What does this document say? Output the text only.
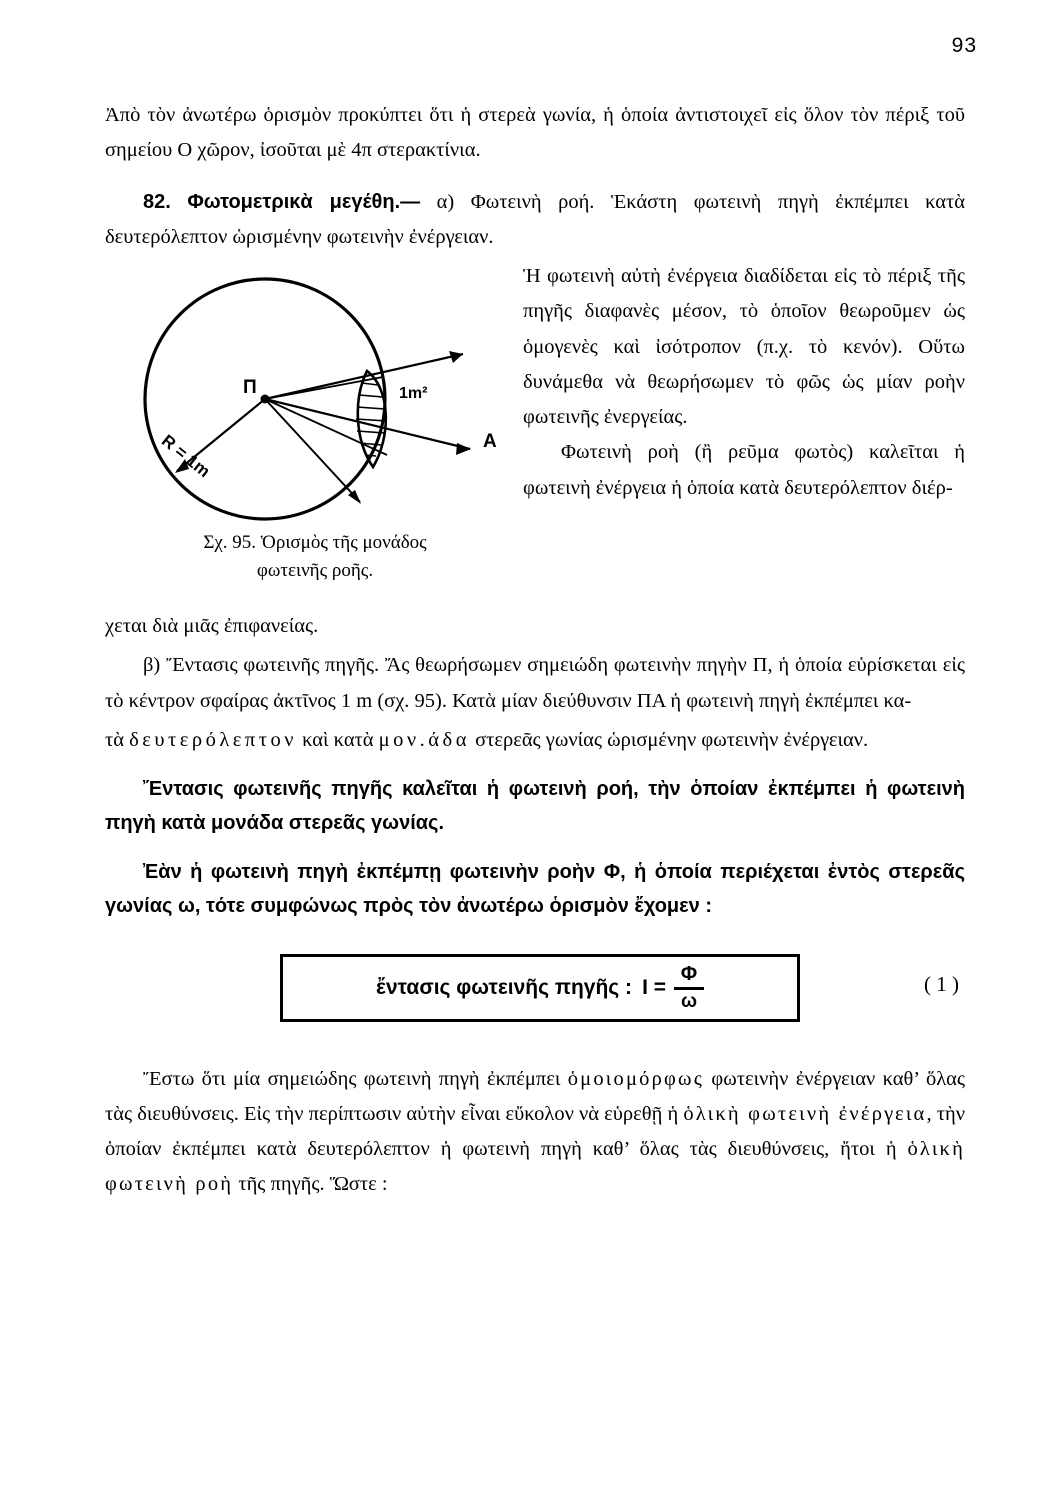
93

Ἀπὸ τὸν ἀνωτέρω ὁρισμὸν προκύπτει ὅτι ἡ στερεὰ γωνία, ἡ ὁποία ἀντιστοιχεῖ εἰς ὅλον τὸν πέριξ τοῦ σημείου Ο χῶρον, ἰσοῦται μὲ 4π στερακτίνια.

82. Φωτομετρικὰ μεγέθη.— α) Φωτεινὴ ροή. Ἑκάστη φωτεινὴ πηγὴ ἐκπέμπει κατὰ δευτερόλεπτον ὡρισμένην φωτεινὴν ἐνέργειαν.

Π	1m²
R = 1m	Α
Σχ. 95. Ὁρισμὸς τῆς μονάδος
φωτεινῆς ροῆς.

Ἡ φωτεινὴ αὐτὴ ἐνέργεια διαδίδεται εἰς τὸ πέριξ τῆς πηγῆς διαφανὲς μέσον, τὸ ὁποῖον θεωροῦμεν ὡς ὁμογενὲς καὶ ἰσότροπον (π.χ. τὸ κενόν). Οὕτω δυνάμεθα νὰ θεωρήσωμεν τὸ φῶς ὡς μίαν ροὴν φωτεινῆς ἐνεργείας.

Φωτεινὴ ροὴ (ἢ ρεῦμα φωτὸς) καλεῖται ἡ φωτεινὴ ἐνέργεια ἡ ὁποία κατὰ δευτερόλεπτον διέρ-

χεται διὰ μιᾶς ἐπιφανείας.

β) Ἔντασις φωτεινῆς πηγῆς. Ἄς θεωρήσωμεν σημειώδη φωτεινὴν πηγὴν Π, ἡ ὁποία εὑρίσκεται εἰς τὸ κέντρον σφαίρας ἀκτῖνος 1 m (σχ. 95). Κατὰ μίαν διεύθυνσιν ΠΑ ἡ φωτεινὴ πηγὴ ἐκπέμπει κα-

τὰ δευτερόλεπτον καὶ κατὰ μον.άδα στερεᾶς γωνίας ὡρισμένην φωτεινὴν ἐνέργειαν.

Ἔντασις φωτεινῆς πηγῆς καλεῖται ἡ φωτεινὴ ροή, τὴν ὁποίαν ἐκπέμπει ἡ φωτεινὴ πηγὴ κατὰ μονάδα στερεᾶς γωνίας.

Ἐὰν ἡ φωτεινὴ πηγὴ ἐκπέμπῃ φωτεινὴν ροὴν Φ, ἡ ὁποία περιέχεται ἐντὸς στερεᾶς γωνίας ω, τότε συμφώνως πρὸς τὸν ἀνωτέρω ὁρισμὸν ἔχομεν :

ἔντασις φωτεινῆς πηγῆς : $I = \frac{\Phi}{\omega}$	( 1 )

Ἔστω ὅτι μία σημειώδης φωτεινὴ πηγὴ ἐκπέμπει ὁμοιομόρφως φωτεινὴν ἐνέργειαν καθ’ ὅλας τὰς διευθύνσεις. Εἰς τὴν περίπτωσιν αὐτὴν εἶναι εὔκολον νὰ εὑρεθῇ ἡ ὁλικὴ φωτεινὴ ἐνέργεια, τὴν ὁποίαν ἐκπέμπει κατὰ δευτερόλεπτον ἡ φωτεινὴ πηγὴ καθ’ ὅλας τὰς διευθύνσεις, ἤτοι ἡ ὁλικὴ φωτεινὴ ροὴ τῆς πηγῆς. Ὥστε :
